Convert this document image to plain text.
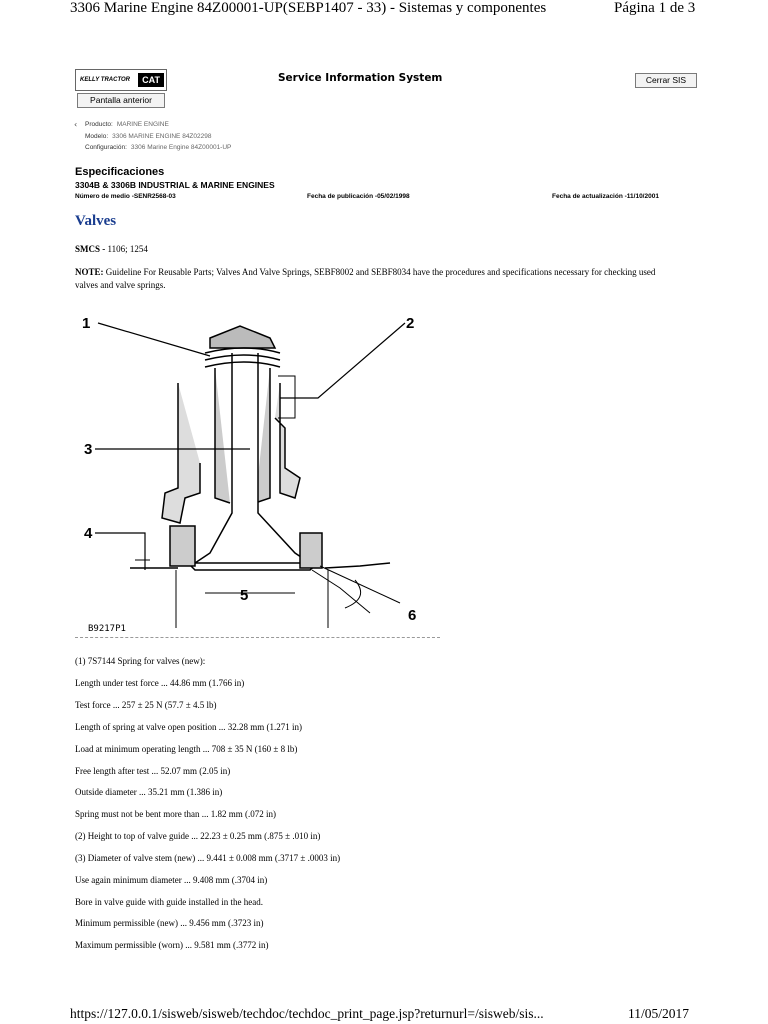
3306 Marine Engine 84Z00001-UP(SEBP1407 - 33) - Sistemas y componentes	Página 1 de 3
KELLY TRACTOR	CAT	Service Information System	Cerrar SIS
Pantalla anterior
‹ Producto: MARINE ENGINE
Modelo: 3306 MARINE ENGINE 84Z02298
Configuración: 3306 Marine Engine 84Z00001-UP
Especificaciones
3304B & 3306B INDUSTRIAL & MARINE ENGINES
Número de medio -SENR2568-03	Fecha de publicación -05/02/1998	Fecha de actualización -11/10/2001
Valves
SMCS - 1106; 1254
NOTE: Guideline For Reusable Parts; Valves And Valve Springs, SEBF8002 and SEBF8034 have the procedures and specifications necessary for checking used valves and valve springs.
1	2
3
4
5
6
B9217P1
(1) 7S7144 Spring for valves (new):
Length under test force ... 44.86 mm (1.766 in)
Test force ... 257 ± 25 N (57.7 ± 4.5 lb)
Length of spring at valve open position ... 32.28 mm (1.271 in)
Load at minimum operating length ... 708 ± 35 N (160 ± 8 lb)
Free length after test ... 52.07 mm (2.05 in)
Outside diameter ... 35.21 mm (1.386 in)
Spring must not be bent more than ... 1.82 mm (.072 in)
(2) Height to top of valve guide ... 22.23 ± 0.25 mm (.875 ± .010 in)
(3) Diameter of valve stem (new) ... 9.441 ± 0.008 mm (.3717 ± .0003 in)
Use again minimum diameter ... 9.408 mm (.3704 in)
Bore in valve guide with guide installed in the head.
Minimum permissible (new) ... 9.456 mm (.3723 in)
Maximum permissible (worn) ... 9.581 mm (.3772 in)
https://127.0.0.1/sisweb/sisweb/techdoc/techdoc_print_page.jsp?returnurl=/sisweb/sis...	11/05/2017
